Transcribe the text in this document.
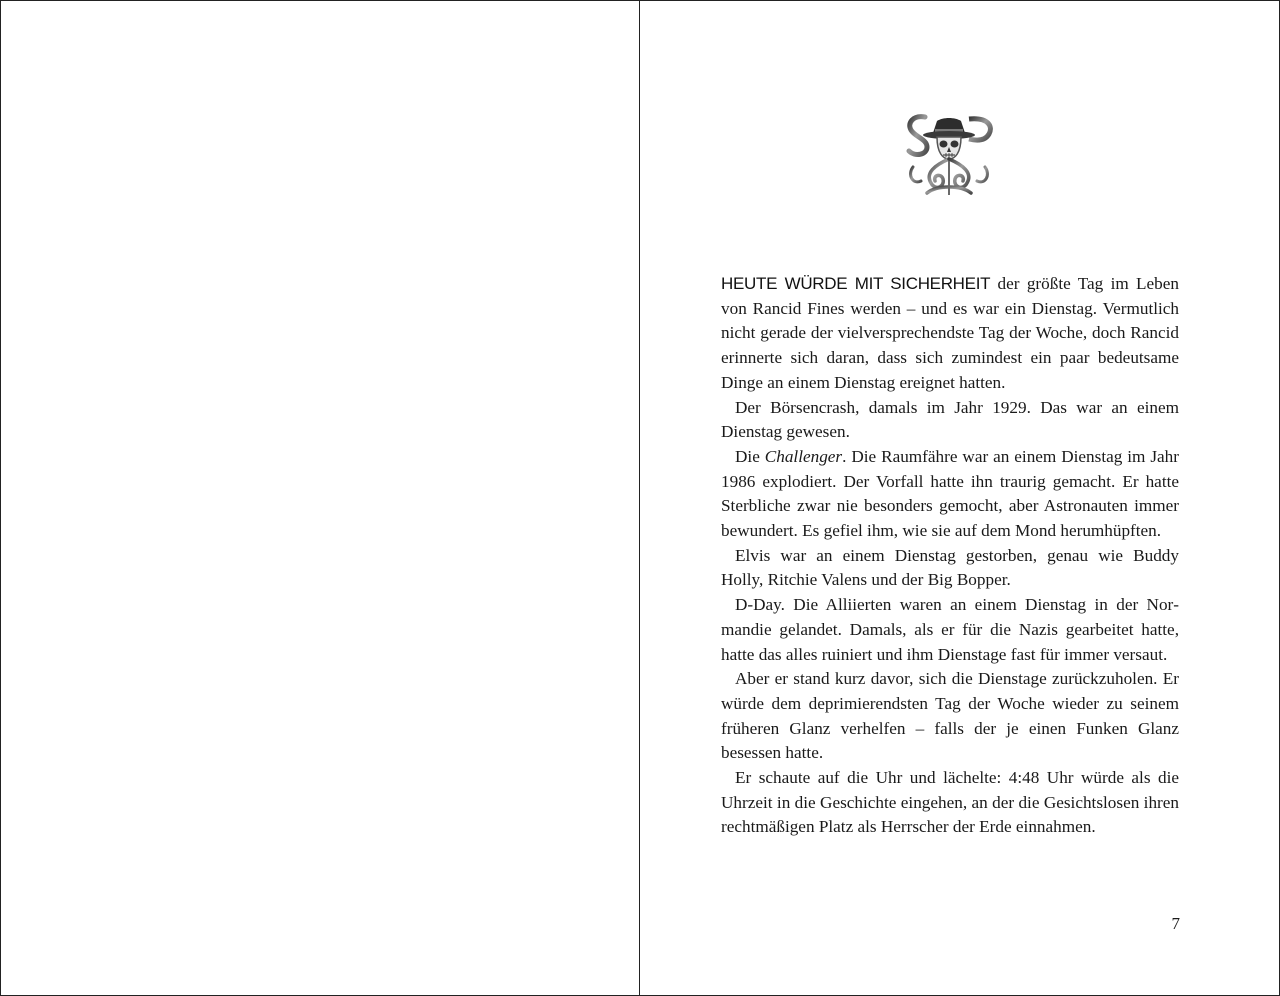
HEUTE WÜRDE MIT SICHERHEIT der größte Tag im Leben von Rancid Fines werden – und es war ein Dienstag. Vermutlich nicht gerade der vielversprechendste Tag der Woche, doch Rancid erinnerte sich daran, dass sich zumindest ein paar bedeutsame Dinge an einem Dienstag ereignet hatten.

Der Börsencrash, damals im Jahr 1929. Das war an einem Dienstag gewesen.

Die Challenger. Die Raumfähre war an einem Dienstag im Jahr 1986 explodiert. Der Vorfall hatte ihn traurig gemacht. Er hatte Sterbliche zwar nie besonders gemocht, aber Astronauten immer bewundert. Es gefiel ihm, wie sie auf dem Mond herumhüpften.

Elvis war an einem Dienstag gestorben, genau wie Buddy Holly, Ritchie Valens und der Big Bopper.

D-Day. Die Alliierten waren an einem Dienstag in der Normandie gelandet. Damals, als er für die Nazis gearbeitet hatte, hatte das alles ruiniert und ihm Dienstage fast für immer versaut.

Aber er stand kurz davor, sich die Dienstage zurückzuholen. Er würde dem deprimierendsten Tag der Woche wieder zu seinem früheren Glanz verhelfen – falls der je einen Funken Glanz besessen hatte.

Er schaute auf die Uhr und lächelte: 4:48 Uhr würde als die Uhrzeit in die Geschichte eingehen, an der die Gesichtslosen ihren rechtmäßigen Platz als Herrscher der Erde einnahmen.

7
